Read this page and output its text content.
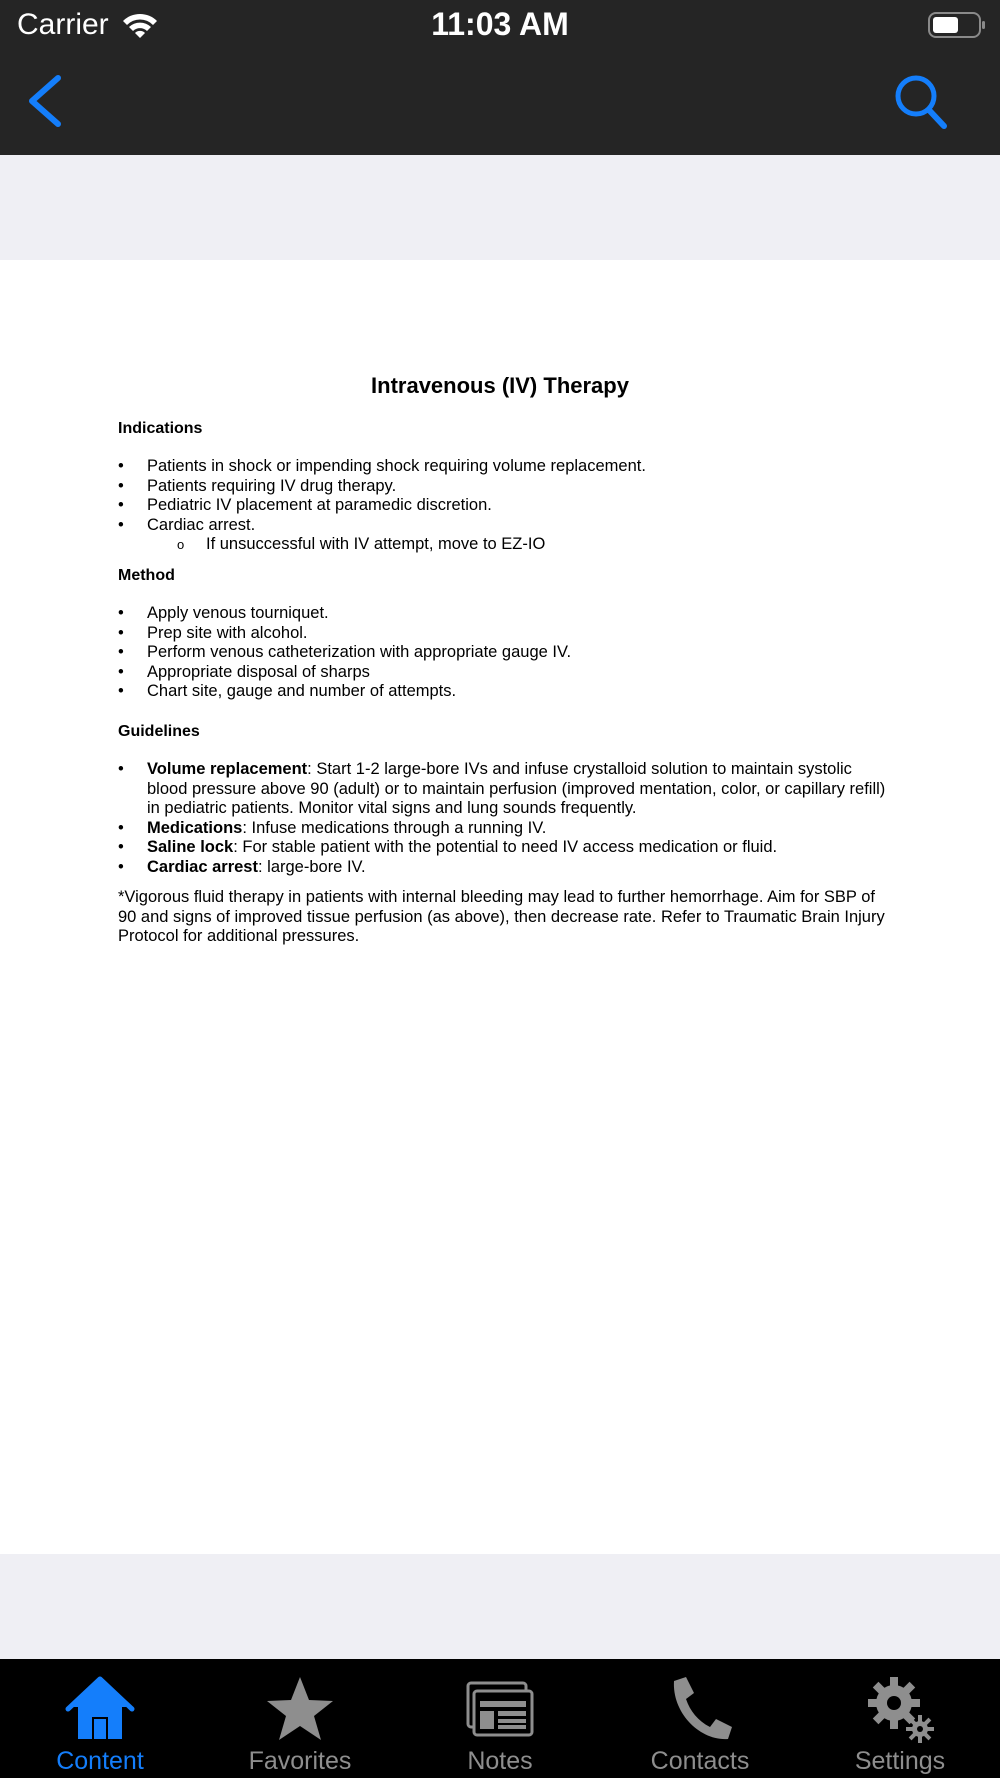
Carrier	11:03 AM
Intravenous (IV) Therapy
Indications
• Patients in shock or impending shock requiring volume replacement.
• Patients requiring IV drug therapy.
• Pediatric IV placement at paramedic discretion.
• Cardiac arrest.
o If unsuccessful with IV attempt, move to EZ-IO
Method
• Apply venous tourniquet.
• Prep site with alcohol.
• Perform venous catheterization with appropriate gauge IV.
• Appropriate disposal of sharps
• Chart site, gauge and number of attempts.
Guidelines
• Volume replacement: Start 1-2 large-bore IVs and infuse crystalloid solution to maintain systolic blood pressure above 90 (adult) or to maintain perfusion (improved mentation, color, or capillary refill) in pediatric patients. Monitor vital signs and lung sounds frequently.
• Medications: Infuse medications through a running IV.
• Saline lock: For stable patient with the potential to need IV access medication or fluid.
• Cardiac arrest: large-bore IV.
*Vigorous fluid therapy in patients with internal bleeding may lead to further hemorrhage. Aim for SBP of 90 and signs of improved tissue perfusion (as above), then decrease rate. Refer to Traumatic Brain Injury Protocol for additional pressures.
Content	Favorites	Notes	Contacts	Settings
